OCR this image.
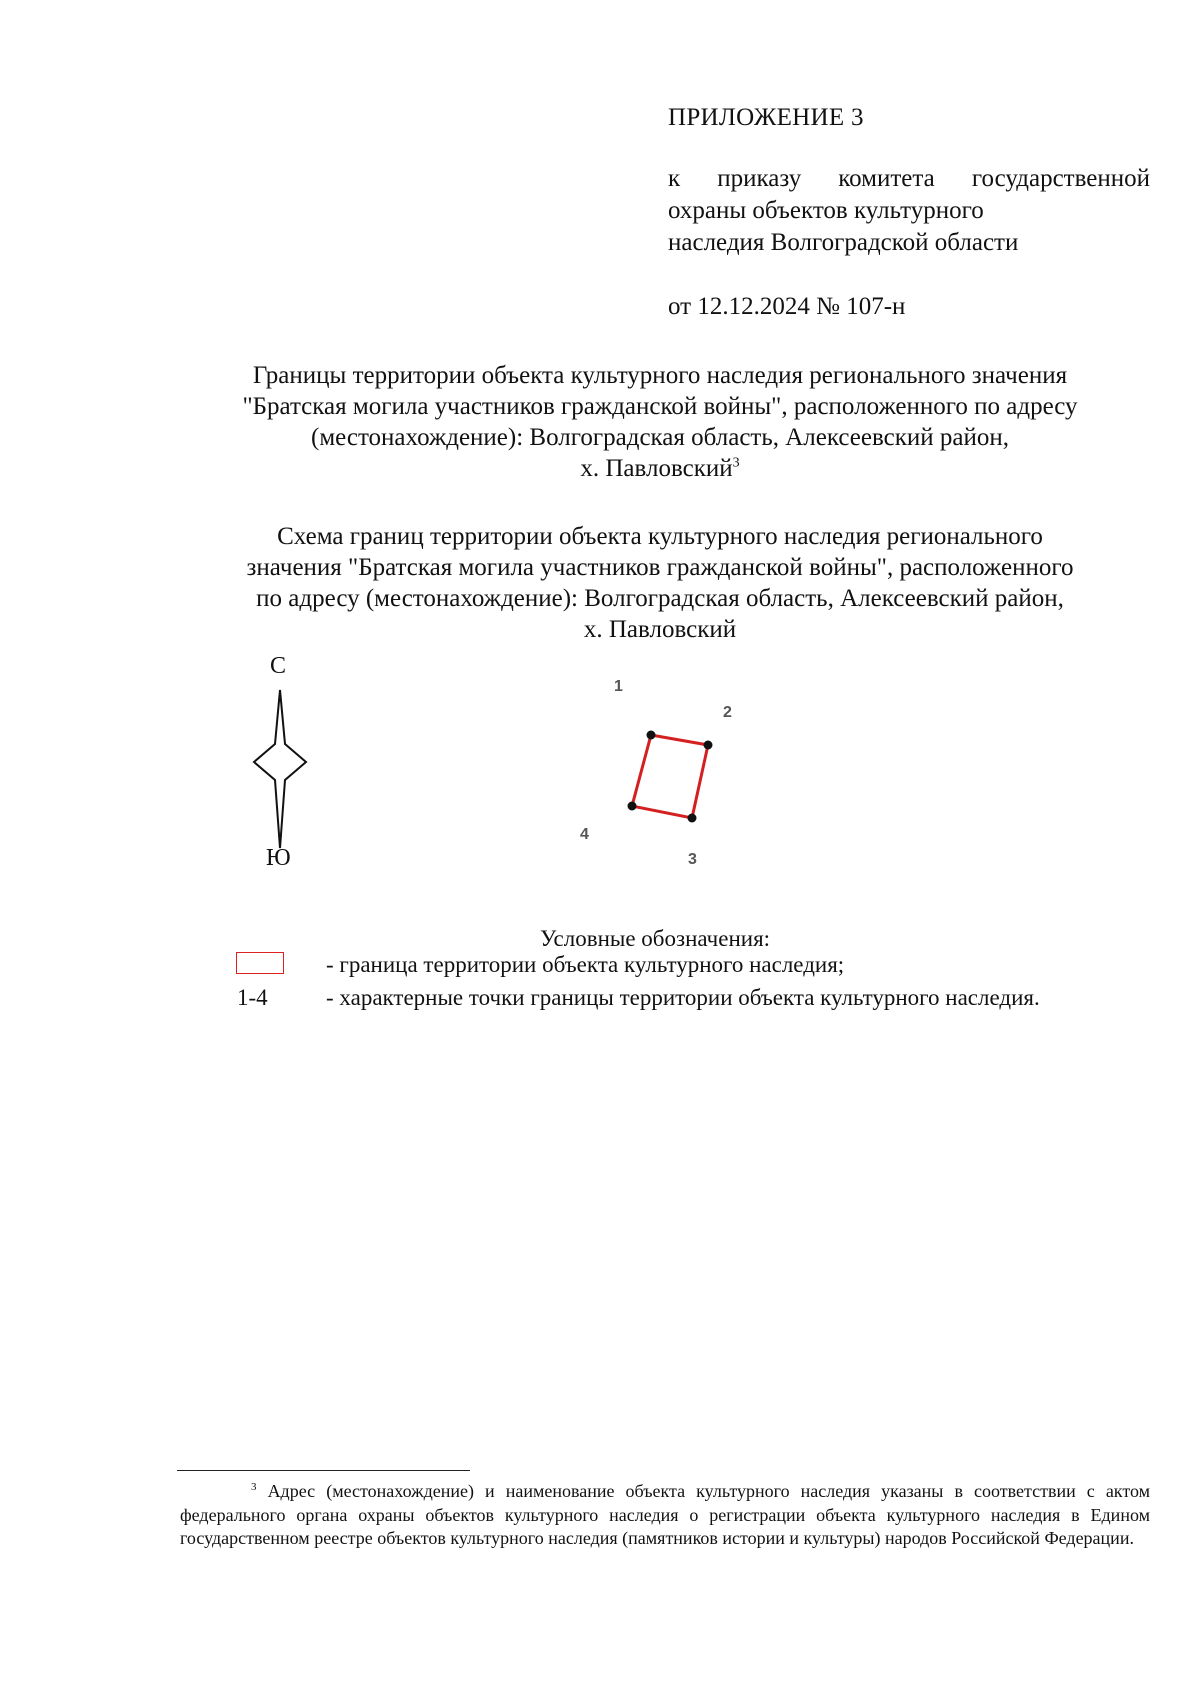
ПРИЛОЖЕНИЕ 3
к приказу комитета государственной
охраны объектов культурного
наследия Волгоградской области
от 12.12.2024 № 107-н
Границы территории объекта культурного наследия регионального значения
"Братская могила участников гражданской войны", расположенного по адресу
(местонахождение): Волгоградская область, Алексеевский район,
х. Павловский$^3$
Схема границ территории объекта культурного наследия регионального
значения "Братская могила участников гражданской войны", расположенного
по адресу (местонахождение): Волгоградская область, Алексеевский район,
х. Павловский
С
Ю
1
2
3
4
Условные обозначения:
- граница территории объекта культурного наследия;
1-4	- характерные точки границы территории объекта культурного наследия.
$^3$ Адрес (местонахождение) и наименование объекта культурного наследия указаны в соответствии с актом федерального органа охраны объектов культурного наследия о регистрации объекта культурного наследия в Едином государственном реестре объектов культурного наследия (памятников истории и культуры) народов Российской Федерации.
